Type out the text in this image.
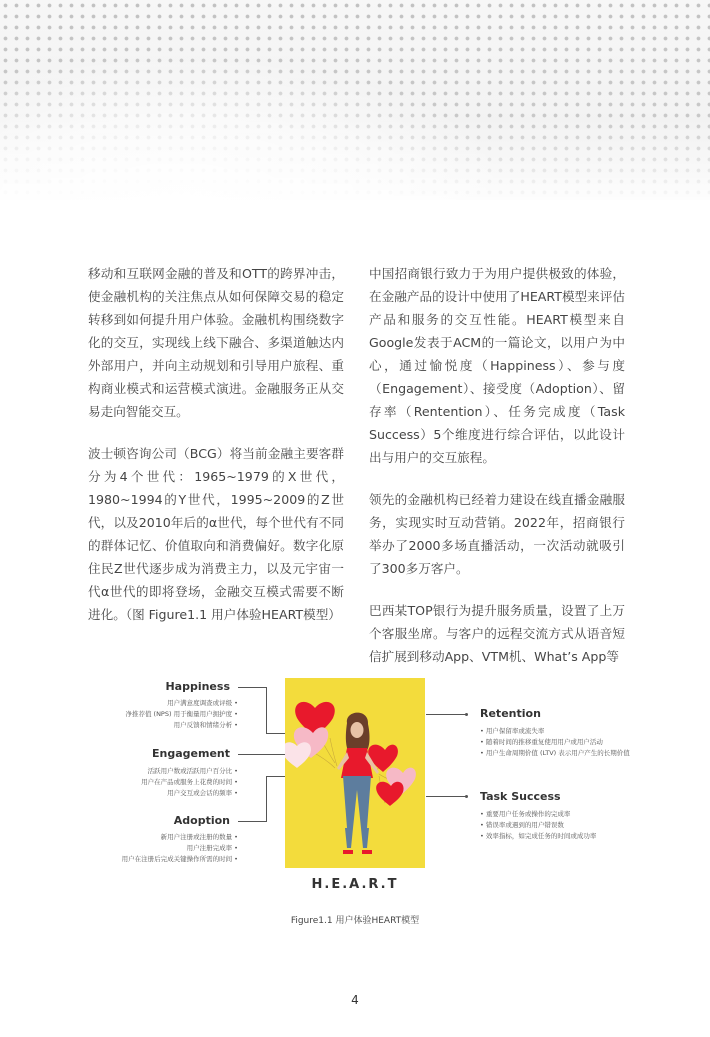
移动和互联网金融的普及和OTT的跨界冲击，使金融机构的关注焦点从如何保障交易的稳定转移到如何提升用户体验。金融机构围绕数字化的交互，实现线上线下融合、多渠道触达内外部用户，并向主动规划和引导用户旅程、重构商业模式和运营模式演进。金融服务正从交易走向智能交互。

波士顿咨询公司（BCG）将当前金融主要客群分为4个世代：1965~1979的X世代，1980~1994的Y世代，1995~2009的Z世代，以及2010年后的α世代，每个世代有不同的群体记忆、价值取向和消费偏好。数字化原住民Z世代逐步成为消费主力，以及元宇宙一代α世代的即将登场，金融交互模式需要不断进化。（图 Figure1.1 用户体验HEART模型）

中国招商银行致力于为用户提供极致的体验，在金融产品的设计中使用了HEART模型来评估产品和服务的交互性能。HEART模型来自Google发表于ACM的一篇论文，以用户为中心，通过愉悦度（Happiness）、参与度（Engagement）、接受度（Adoption）、留存率（Rentention）、任务完成度（Task Success）5个维度进行综合评估，以此设计出与用户的交互旅程。

领先的金融机构已经着力建设在线直播金融服务，实现实时互动营销。2022年，招商银行举办了2000多场直播活动，一次活动就吸引了300多万客户。

巴西某TOP银行为提升服务质量，设置了上万个客服坐席。与客户的远程交流方式从语音短信扩展到移动App、VTM机、What’s App等

Happiness
用户满意度调查或评级 •
净推荐值 (NPS) 用于衡量用户拥护度 •
用户反馈和情绪分析 •
Engagement
活跃用户数或活跃用户百分比 •
用户在产品或服务上花费的时间 •
用户交互或会话的频率 •
Adoption
新用户注册或注册的数量 •
用户注册完成率 •
用户在注册后完成关键操作所需的时间 •
H.E.A.R.T
Retention
• 用户保留率或流失率
• 随着时间的推移重复使用用户或用户活动
• 用户生命周期价值 (LTV) 表示用户产生的长期价值
Task Success
• 重要用户任务或操作的完成率
• 错误率或遇到的用户错误数
• 效率指标，如完成任务的时间或成功率
Figure1.1 用户体验HEART模型
4
